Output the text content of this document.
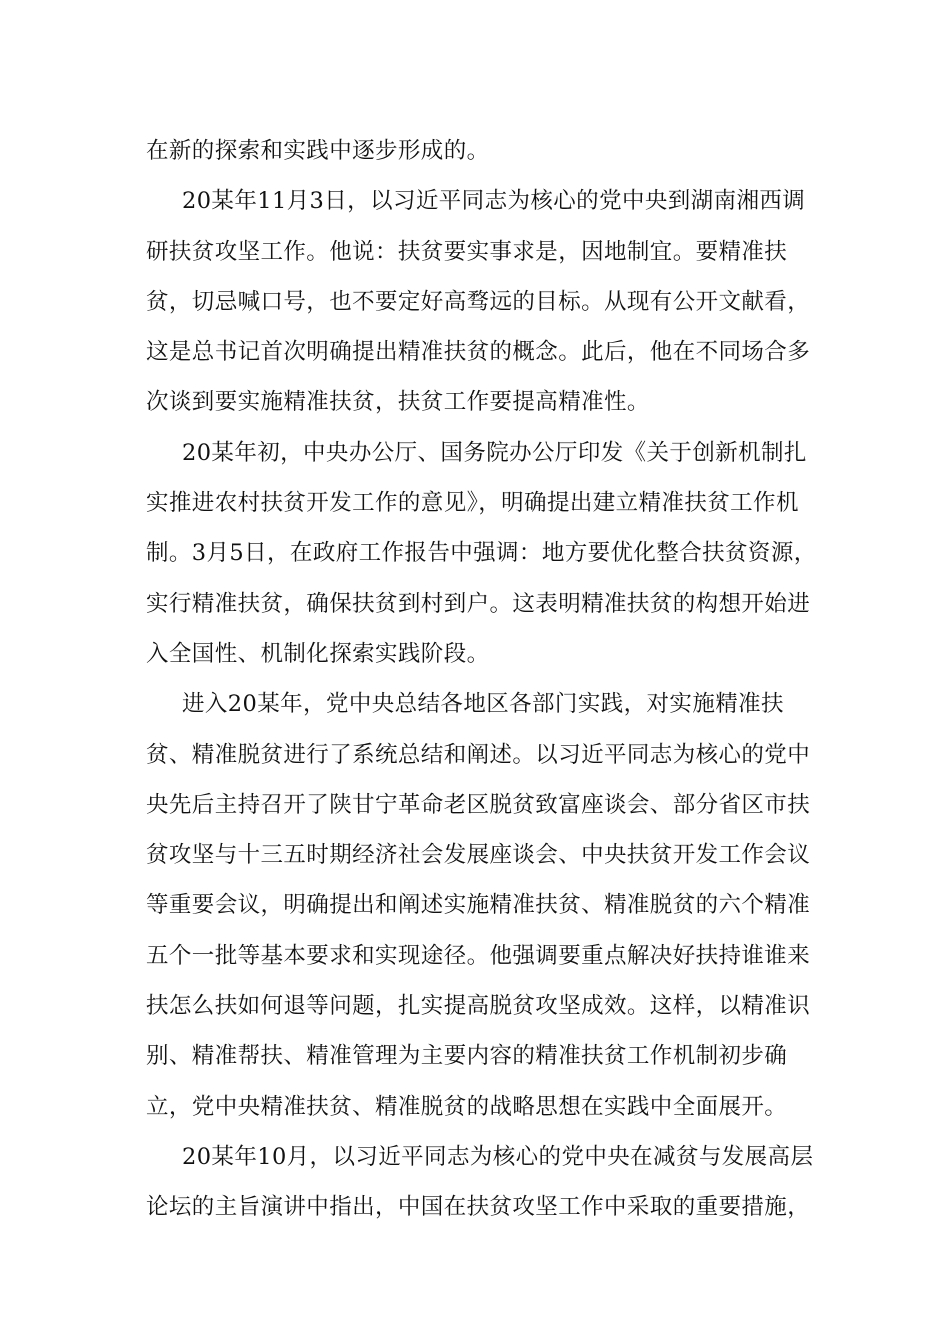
在新的探索和实践中逐步形成的。
20某年11月3日，以习近平同志为核心的党中央到湖南湘西调
研扶贫攻坚工作。他说：扶贫要实事求是，因地制宜。要精准扶
贫，切忌喊口号，也不要定好高骛远的目标。从现有公开文献看，
这是总书记首次明确提出精准扶贫的概念。此后，他在不同场合多
次谈到要实施精准扶贫，扶贫工作要提高精准性。
20某年初，中央办公厅、国务院办公厅印发《关于创新机制扎
实推进农村扶贫开发工作的意见》，明确提出建立精准扶贫工作机
制。3月5日，在政府工作报告中强调：地方要优化整合扶贫资源，
实行精准扶贫，确保扶贫到村到户。这表明精准扶贫的构想开始进
入全国性、机制化探索实践阶段。
进入20某年，党中央总结各地区各部门实践，对实施精准扶
贫、精准脱贫进行了系统总结和阐述。以习近平同志为核心的党中
央先后主持召开了陕甘宁革命老区脱贫致富座谈会、部分省区市扶
贫攻坚与十三五时期经济社会发展座谈会、中央扶贫开发工作会议
等重要会议，明确提出和阐述实施精准扶贫、精准脱贫的六个精准
五个一批等基本要求和实现途径。他强调要重点解决好扶持谁谁来
扶怎么扶如何退等问题，扎实提高脱贫攻坚成效。这样，以精准识
别、精准帮扶、精准管理为主要内容的精准扶贫工作机制初步确
立，党中央精准扶贫、精准脱贫的战略思想在实践中全面展开。
20某年10月，以习近平同志为核心的党中央在减贫与发展高层
论坛的主旨演讲中指出，中国在扶贫攻坚工作中采取的重要措施，
